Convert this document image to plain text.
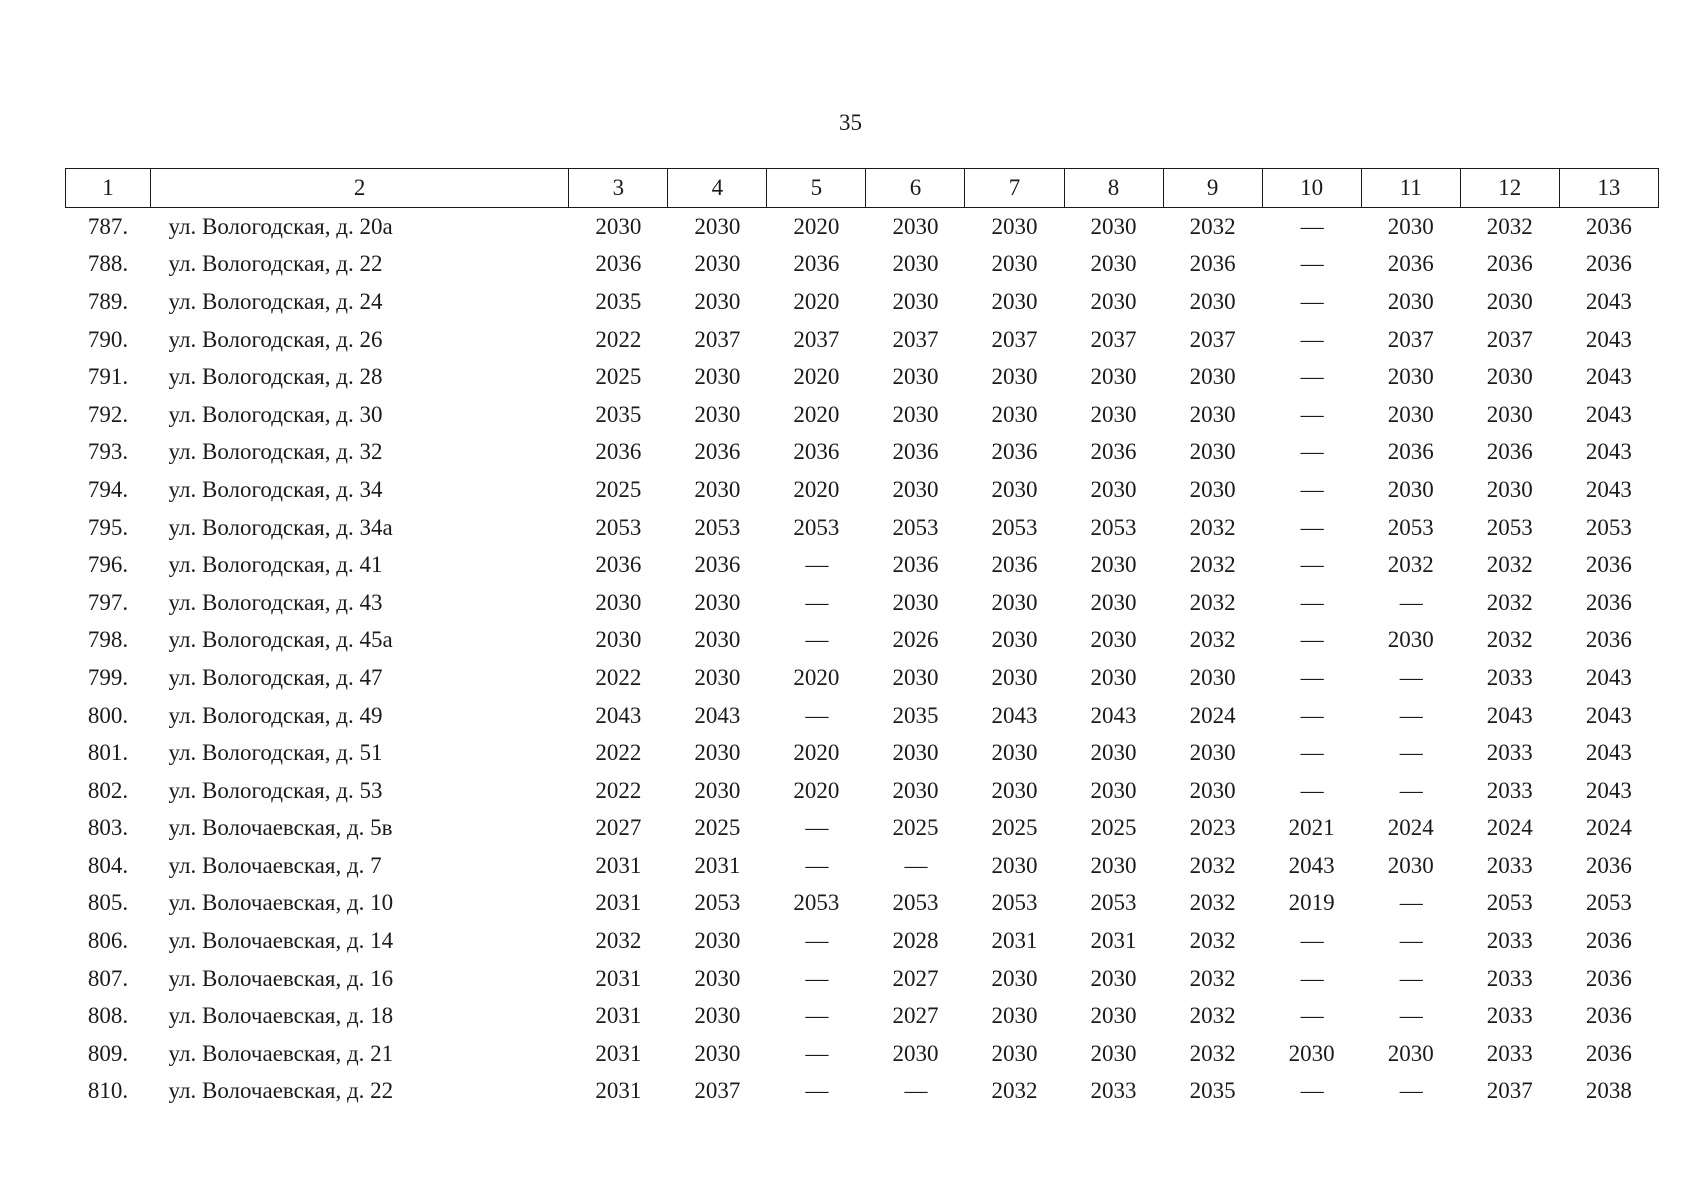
35
1	2	3	4	5	6	7	8	9	10	11	12	13
787.	ул. Вологодская, д. 20а	2030	2030	2020	2030	2030	2030	2032	—	2030	2032	2036
788.	ул. Вологодская, д. 22	2036	2030	2036	2030	2030	2030	2036	—	2036	2036	2036
789.	ул. Вологодская, д. 24	2035	2030	2020	2030	2030	2030	2030	—	2030	2030	2043
790.	ул. Вологодская, д. 26	2022	2037	2037	2037	2037	2037	2037	—	2037	2037	2043
791.	ул. Вологодская, д. 28	2025	2030	2020	2030	2030	2030	2030	—	2030	2030	2043
792.	ул. Вологодская, д. 30	2035	2030	2020	2030	2030	2030	2030	—	2030	2030	2043
793.	ул. Вологодская, д. 32	2036	2036	2036	2036	2036	2036	2030	—	2036	2036	2043
794.	ул. Вологодская, д. 34	2025	2030	2020	2030	2030	2030	2030	—	2030	2030	2043
795.	ул. Вологодская, д. 34а	2053	2053	2053	2053	2053	2053	2032	—	2053	2053	2053
796.	ул. Вологодская, д. 41	2036	2036	—	2036	2036	2030	2032	—	2032	2032	2036
797.	ул. Вологодская, д. 43	2030	2030	—	2030	2030	2030	2032	—	—	2032	2036
798.	ул. Вологодская, д. 45а	2030	2030	—	2026	2030	2030	2032	—	2030	2032	2036
799.	ул. Вологодская, д. 47	2022	2030	2020	2030	2030	2030	2030	—	—	2033	2043
800.	ул. Вологодская, д. 49	2043	2043	—	2035	2043	2043	2024	—	—	2043	2043
801.	ул. Вологодская, д. 51	2022	2030	2020	2030	2030	2030	2030	—	—	2033	2043
802.	ул. Вологодская, д. 53	2022	2030	2020	2030	2030	2030	2030	—	—	2033	2043
803.	ул. Волочаевская, д. 5в	2027	2025	—	2025	2025	2025	2023	2021	2024	2024	2024
804.	ул. Волочаевская, д. 7	2031	2031	—	—	2030	2030	2032	2043	2030	2033	2036
805.	ул. Волочаевская, д. 10	2031	2053	2053	2053	2053	2053	2032	2019	—	2053	2053
806.	ул. Волочаевская, д. 14	2032	2030	—	2028	2031	2031	2032	—	—	2033	2036
807.	ул. Волочаевская, д. 16	2031	2030	—	2027	2030	2030	2032	—	—	2033	2036
808.	ул. Волочаевская, д. 18	2031	2030	—	2027	2030	2030	2032	—	—	2033	2036
809.	ул. Волочаевская, д. 21	2031	2030	—	2030	2030	2030	2032	2030	2030	2033	2036
810.	ул. Волочаевская, д. 22	2031	2037	—	—	2032	2033	2035	—	—	2037	2038
